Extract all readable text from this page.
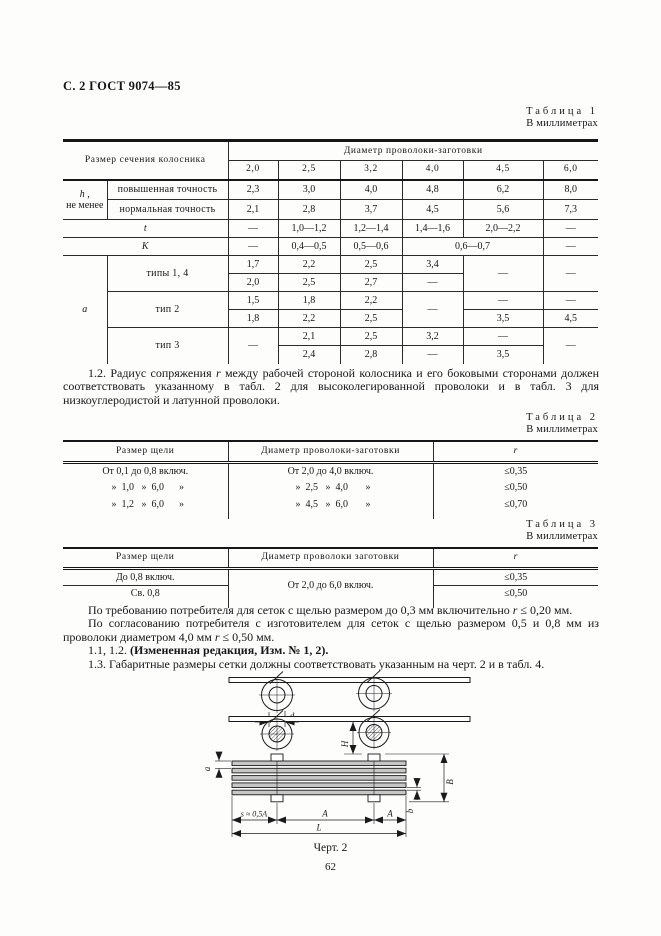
С. 2 ГОСТ 9074—85
Таблица 1
В миллиметрах
Размер сечения колосника		Диаметр проволоки-заготовки					
		2,0	2,5	3,2	4,0	4,5	6,0
h ,
не менее	повышенная точность	2,3	3,0	4,0	4,8	6,2	8,0
	нормальная точность	2,1	2,8	3,7	4,5	5,6	7,3
t		—	1,0—1,2	1,2—1,4	1,4—1,6	2,0—2,2	—
К		—	0,4—0,5	0,5—0,6	0,6—0,7		—
а	типы 1, 4	1,7	2,2	2,5	3,4	—	—
		2,0	2,5	2,7	—		
	тип 2	1,5	1,8	2,2	—	—	—
		1,8	2,2	2,5		3,5	4,5
	тип 3	—	2,1	2,5	3,2	—	—
			2,4	2,8	—	3,5	

1.2. Радиус сопряжения r между рабочей стороной колосника и его боковыми сторонами должен соответствовать указанному в табл. 2 для высоколегированной проволоки и в табл. 3 для низкоуглеродистой и латунной проволоки.

Таблица 2
В миллиметрах
Размер щели	Диаметр проволоки-заготовки	r
От 0,1 до 0,8 включ.	От 2,0 до 4,0 включ.	≤0,35
»  1,0   »  6,0      »	»  2,5   »  4,0       »	≤0,50
»  1,2   »  6,0      »	»  4,5   »  6,0       »	≤0,70

Таблица 3
В миллиметрах
Размер щели	Диаметр проволоки заготовки	r
До 0,8 включ.	От 2,0 до 6,0 включ.	≤0,35
Св. 0,8		≤0,50

По требованию потребителя для сеток с щелью размером до 0,3 мм включительно r ≤ 0,20 мм.

По согласованию потребителя с изготовителем для сеток с щелью размером 0,5 и 0,8 мм из проволоки диаметром 4,0 мм r ≤ 0,50 мм.

1.1, 1.2. (Измененная редакция, Изм. № 1, 2).

1.3. Габаритные размеры сетки должны соответствовать указанным на черт. 2 и в табл. 4.

H
a
b
B
s ≈ 0,5A	A	A
L
Черт. 2
62
